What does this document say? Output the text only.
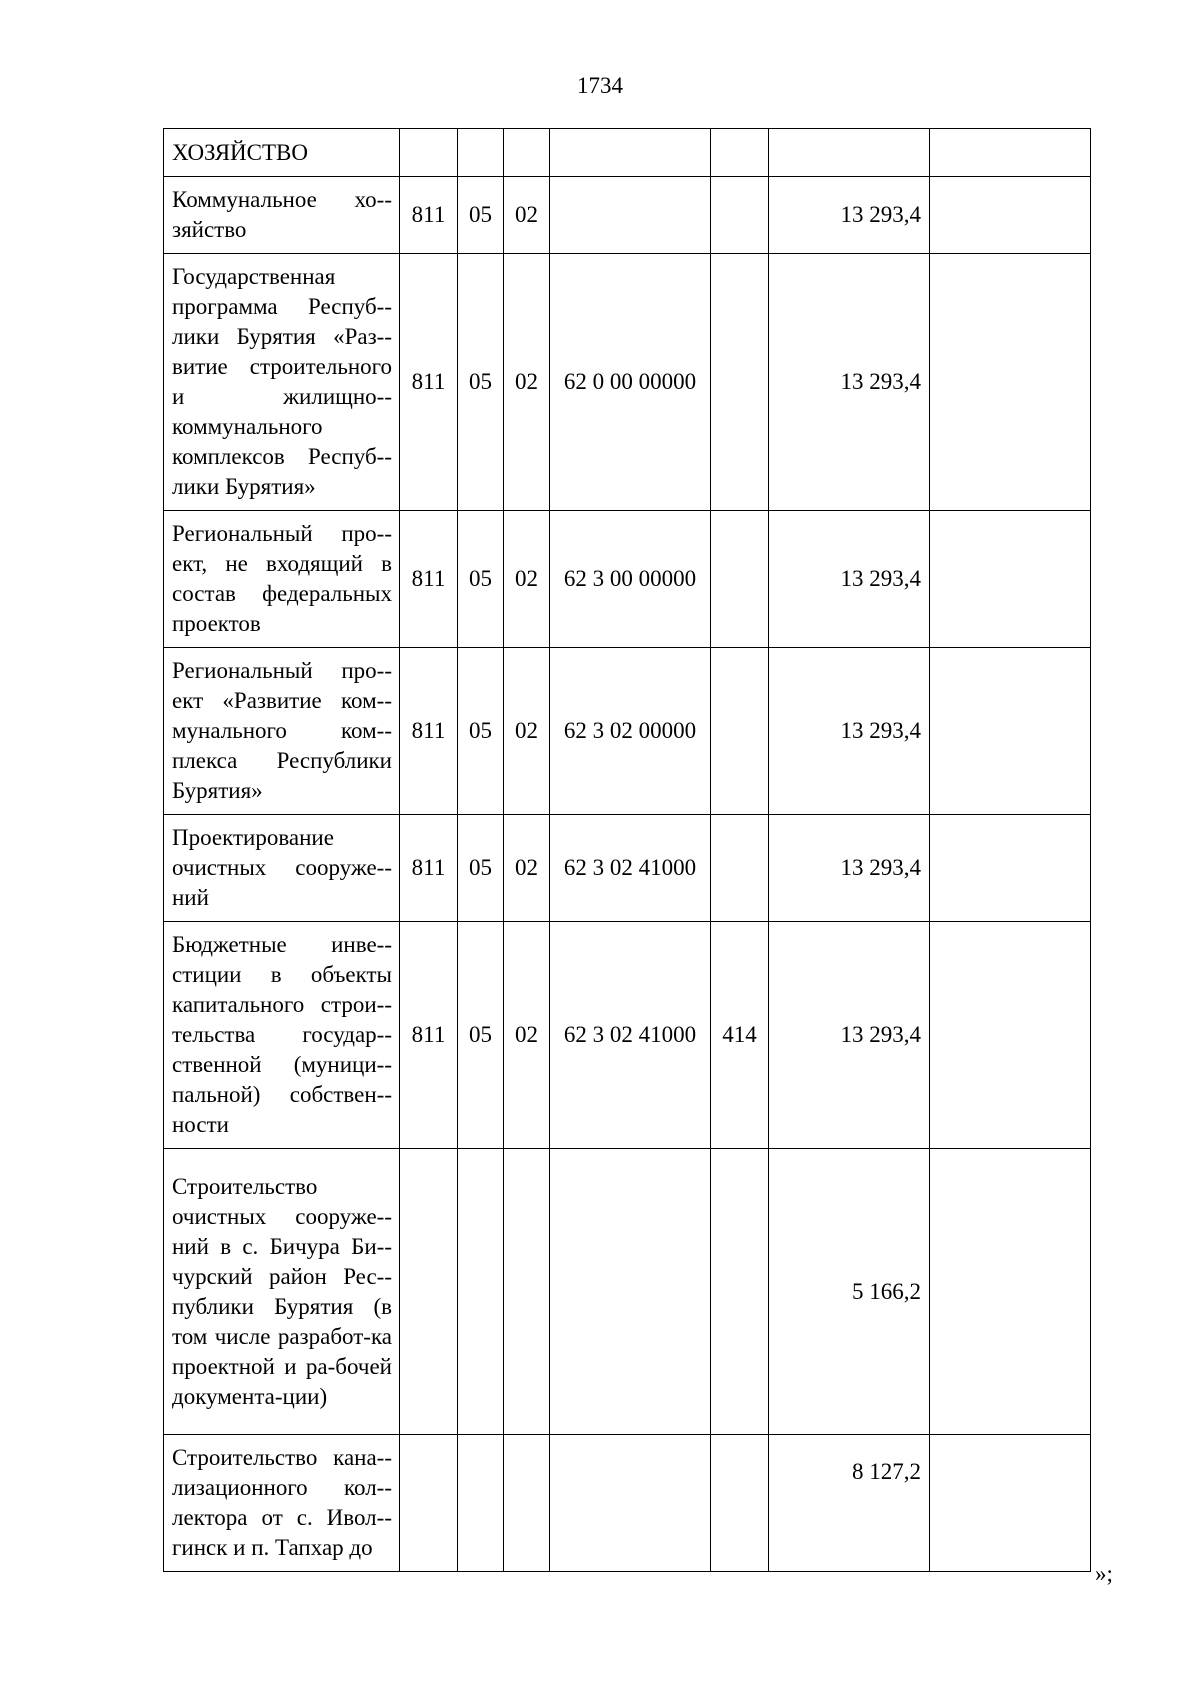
1734
ХОЗЯЙСТВО							
Коммунальное хо-зяйство	811	05	02			13 293,4	
Государственная программа Респуб-лики Бурятия «Раз-витие строительного и жилищно-коммунального комплексов Респуб-лики Бурятия»	811	05	02	62 0 00 00000		13 293,4	
Региональный про-ект, не входящий в состав федеральных проектов	811	05	02	62 3 00 00000		13 293,4	
Региональный про-ект «Развитие ком-мунального ком-плекса Республики Бурятия»	811	05	02	62 3 02 00000		13 293,4	
Проектирование очистных сооруже-ний	811	05	02	62 3 02 41000		13 293,4	
Бюджетные инве-стиции в объекты капитального строи-тельства государ-ственной (муници-пальной) собствен-ности	811	05	02	62 3 02 41000	414	13 293,4	
Строительство очистных сооруже-ний в с. Бичура Би-чурский район Рес-публики Бурятия (в том числе разработ-ка проектной и ра-бочей документа-ции)						5 166,2	
Строительство кана-лизационного кол-лектора от с. Ивол-гинск и п. Тапхар до						8 127,2	
»;
